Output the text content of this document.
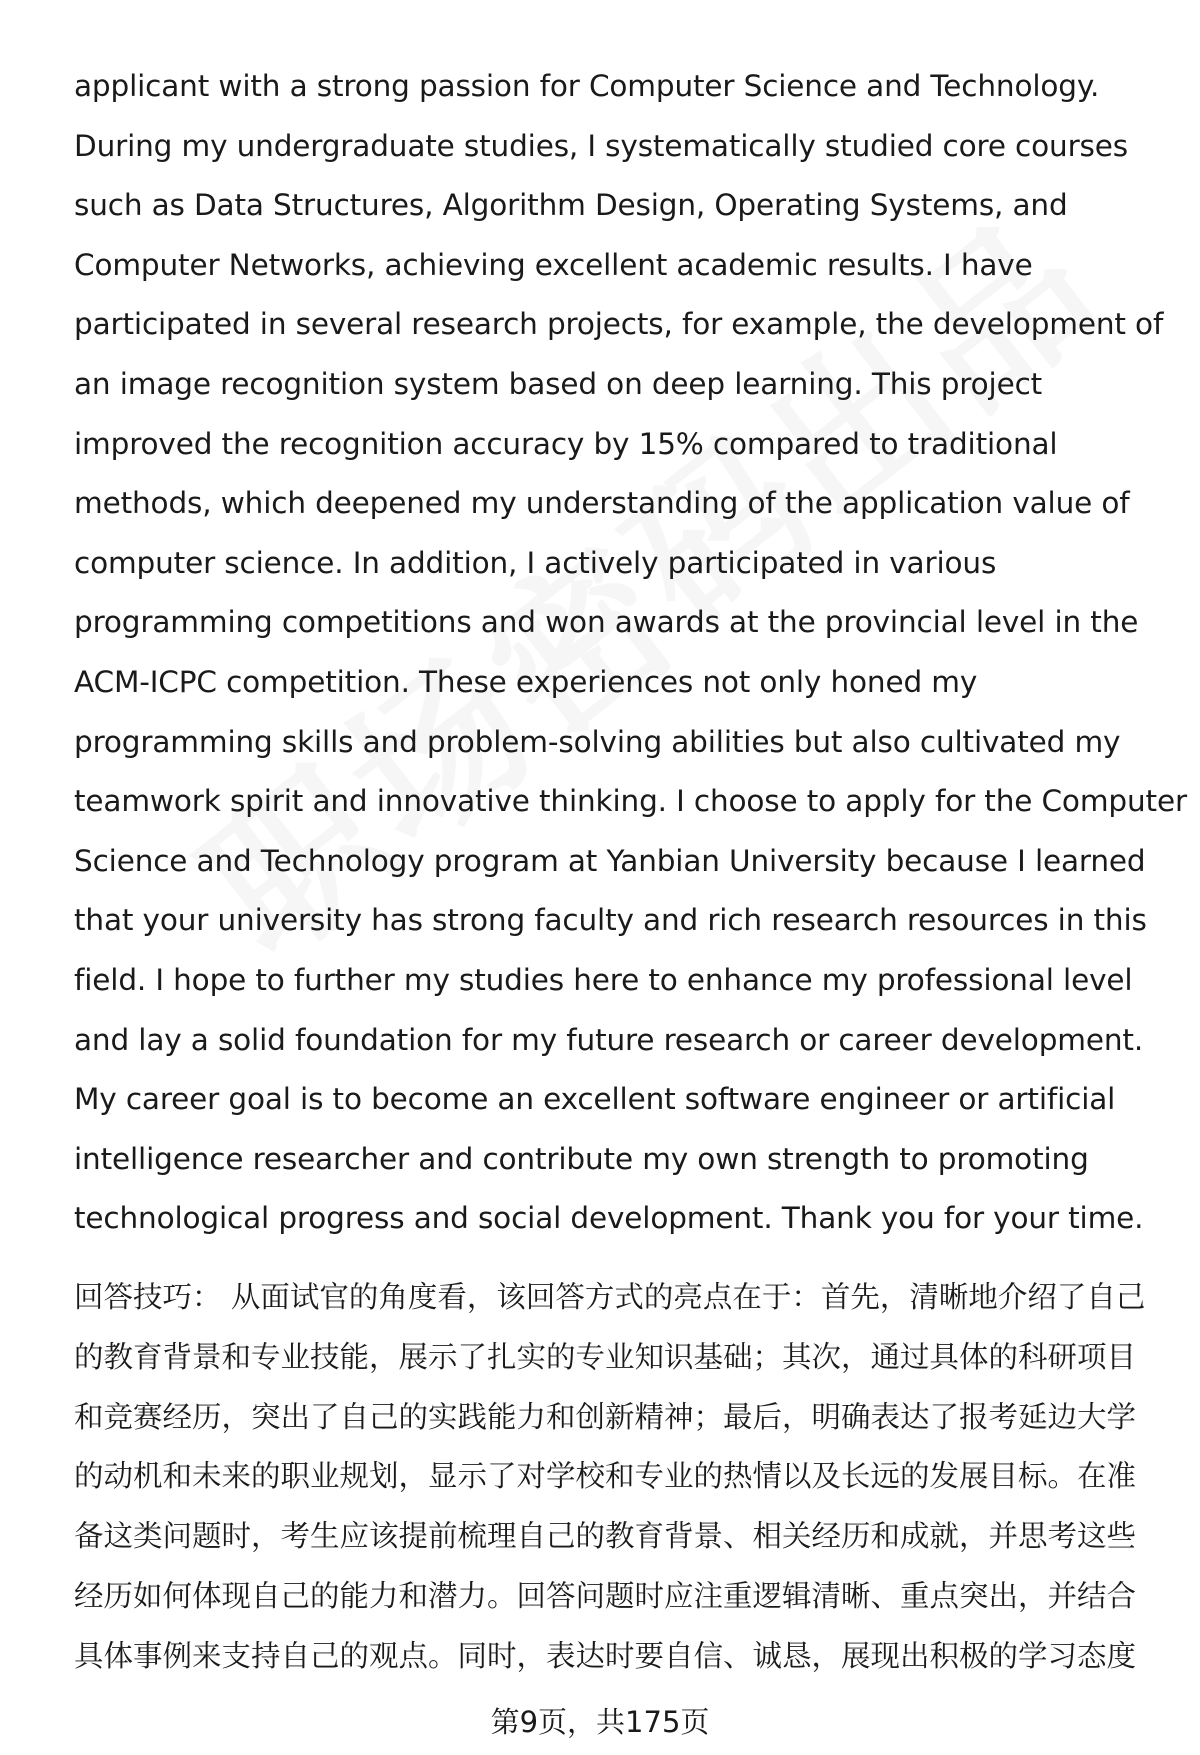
applicant with a strong passion for Computer Science and Technology.
During my undergraduate studies, I systematically studied core courses
such as Data Structures, Algorithm Design, Operating Systems, and
Computer Networks, achieving excellent academic results. I have
participated in several research projects, for example, the development of
an image recognition system based on deep learning. This project
improved the recognition accuracy by 15% compared to traditional
methods, which deepened my understanding of the application value of
computer science. In addition, I actively participated in various
programming competitions and won awards at the provincial level in the
ACM-ICPC competition. These experiences not only honed my
programming skills and problem-solving abilities but also cultivated my
teamwork spirit and innovative thinking. I choose to apply for the Computer
Science and Technology program at Yanbian University because I learned
that your university has strong faculty and rich research resources in this
field. I hope to further my studies here to enhance my professional level
and lay a solid foundation for my future research or career development.
My career goal is to become an excellent software engineer or artificial
intelligence researcher and contribute my own strength to promoting
technological progress and social development. Thank you for your time.
回答技巧： 从面试官的角度看，该回答方式的亮点在于：首先，清晰地介绍了自己
的教育背景和专业技能，展示了扎实的专业知识基础；其次，通过具体的科研项目
和竞赛经历，突出了自己的实践能力和创新精神；最后，明确表达了报考延边大学
的动机和未来的职业规划，显示了对学校和专业的热情以及长远的发展目标。在准
备这类问题时，考生应该提前梳理自己的教育背景、相关经历和成就，并思考这些
经历如何体现自己的能力和潜力。回答问题时应注重逻辑清晰、重点突出，并结合
具体事例来支持自己的观点。同时，表达时要自信、诚恳，展现出积极的学习态度
第9页，共175页
